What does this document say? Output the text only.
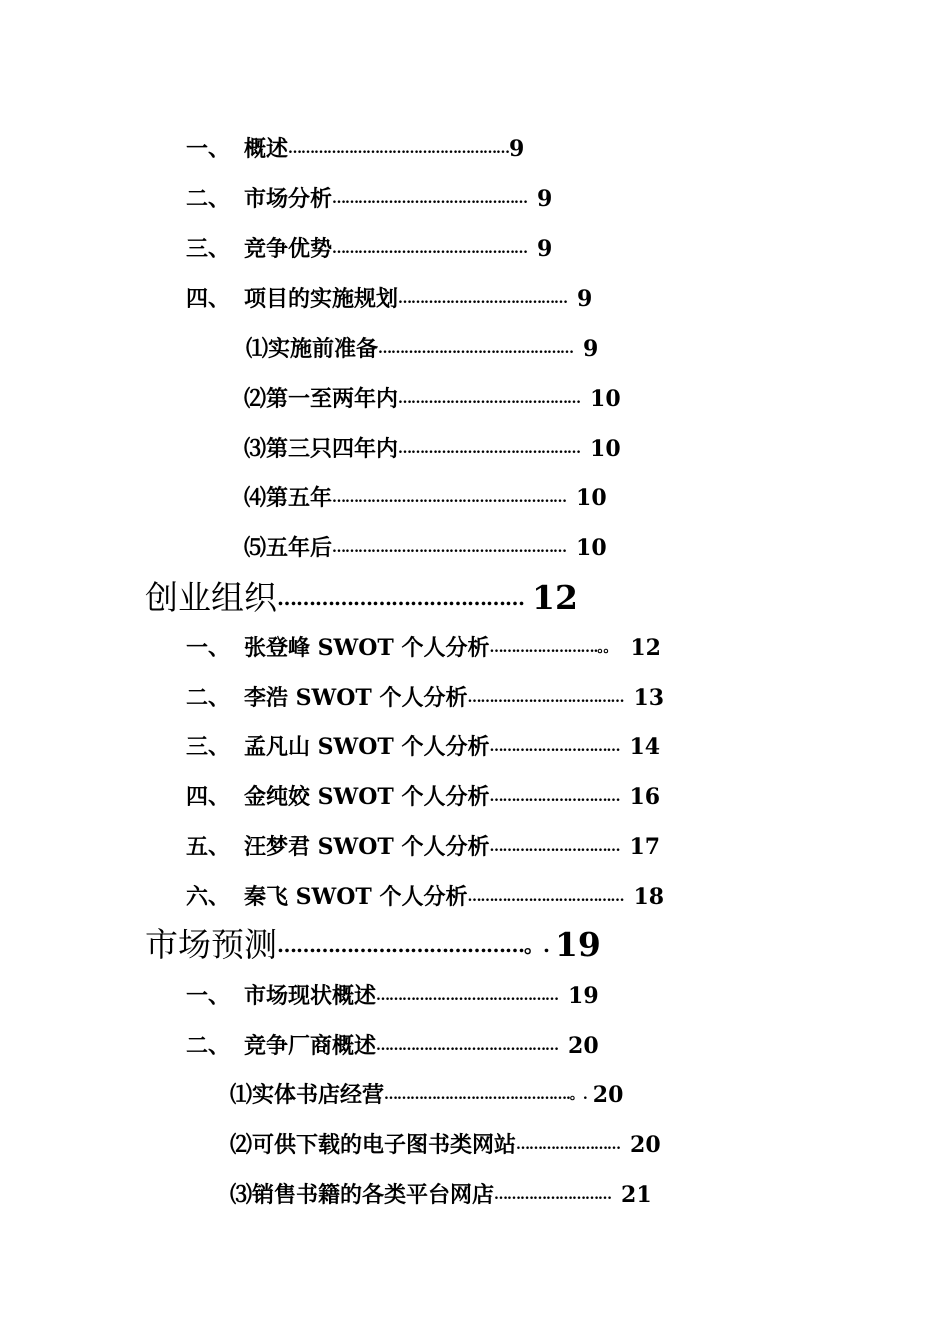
一、 概述……………………………………………9
二、 市场分析………………………………………9
三、 竞争优势………………………………………9
四、 项目的实施规划…………………………………9
⑴实施前准备………………………………………9
⑵第一至两年内……………………………………10
⑶第三只四年内……………………………………10
⑷第五年………………………………………………10
⑸五年后………………………………………………10
创业组织…………………………………12
一、 张登峰 SWOT 个人分析…………………….。。12
二、 李浩 SWOT 个人分析………………………………13
三、 孟凡山 SWOT 个人分析…………………………14
四、 金纯姣 SWOT 个人分析…………………………16
五、 汪梦君 SWOT 个人分析…………………………17
六、 秦飞 SWOT 个人分析………………………………18
市场预测…………………………………。. 19
一、 市场现状概述……………………………………19
二、 竞争厂商概述……………………………………20
⑴实体书店经营…………………………………….。.20
⑵可供下载的电子图书类网站……………………20
⑶销售书籍的各类平台网店………………………21
